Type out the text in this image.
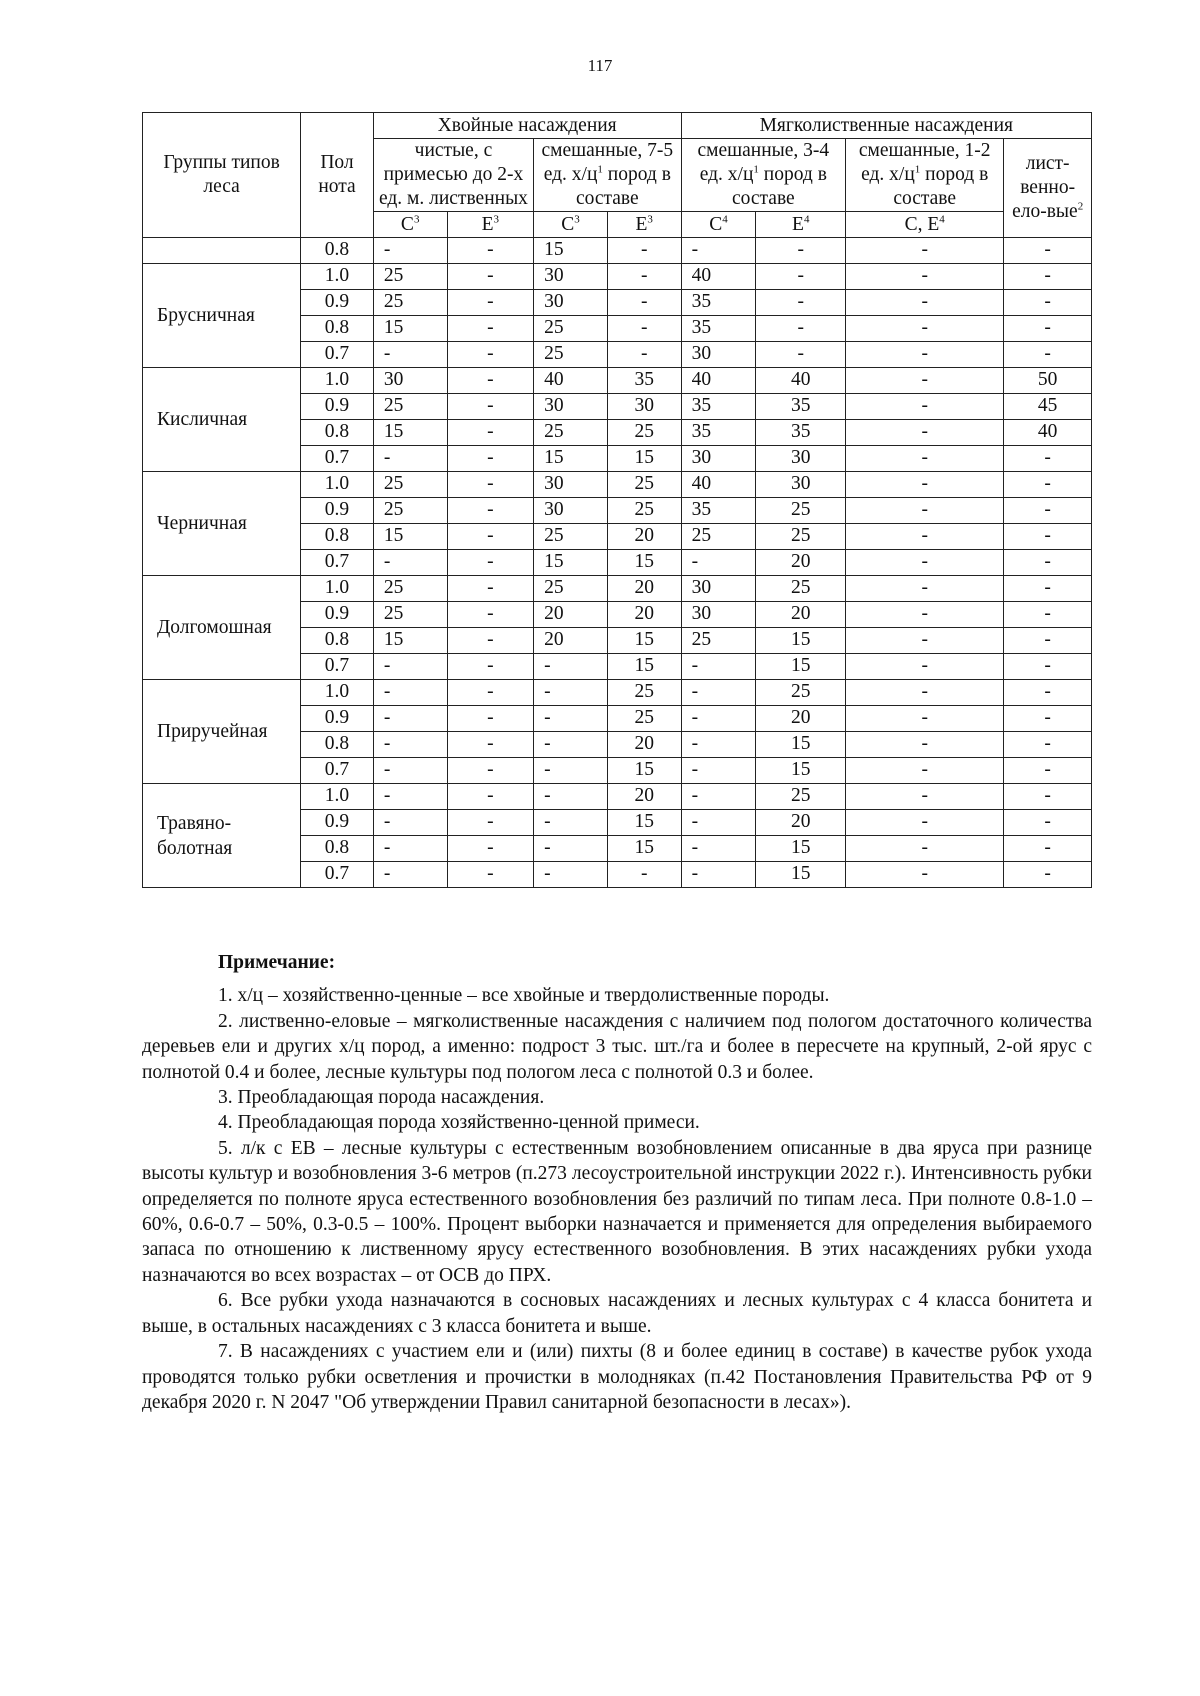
117
Группы типов леса	Пол нота	Хвойные насаждения				Мягколиственные насаждения			
		чистые, с примесью до 2-х ед. м. лиственных		смешанные, 7-5 ед. $х/ц^1$ пород в составе		смешанные, 3-4 ед. $х/ц^1$ пород в составе		смешанные, 1-2 ед. $х/ц^1$ пород в составе	лист-венно-ело-вые$^2$
		$С^3$	$Е^3$	$С^3$	$Е^3$	$С^4$	$Е^4$	С, $Е^4$
	0.8	-	-	15	-	-	-	-	-
Брусничная	1.0	25	-	30	-	40	-	-	-
	0.9	25	-	30	-	35	-	-	-
	0.8	15	-	25	-	35	-	-	-
	0.7	-	-	25	-	30	-	-	-
Кисличная	1.0	30	-	40	35	40	40	-	50
	0.9	25	-	30	30	35	35	-	45
	0.8	15	-	25	25	35	35	-	40
	0.7	-	-	15	15	30	30	-	-
Черничная	1.0	25	-	30	25	40	30	-	-
	0.9	25	-	30	25	35	25	-	-
	0.8	15	-	25	20	25	25	-	-
	0.7	-	-	15	15	-	20	-	-
Долгомошная	1.0	25	-	25	20	30	25	-	-
	0.9	25	-	20	20	30	20	-	-
	0.8	15	-	20	15	25	15	-	-
	0.7	-	-	-	15	-	15	-	-
Приручейная	1.0	-	-	-	25	-	25	-	-
	0.9	-	-	-	25	-	20	-	-
	0.8	-	-	-	20	-	15	-	-
	0.7	-	-	-	15	-	15	-	-
Травяно-болотная	1.0	-	-	-	20	-	25	-	-
	0.9	-	-	-	15	-	20	-	-
	0.8	-	-	-	15	-	15	-	-
	0.7	-	-	-	-	-	15	-	-
Примечание:

1. х/ц – хозяйственно-ценные – все хвойные и твердолиственные породы.

2. лиственно-еловые – мягколиственные насаждения с наличием под пологом достаточного количества деревьев ели и других х/ц пород, а именно: подрост 3 тыс. шт./га и более в пересчете на крупный, 2-ой ярус с полнотой 0.4 и более, лесные культуры под пологом леса с полнотой 0.3 и более.

3. Преобладающая порода насаждения.

4. Преобладающая порода хозяйственно-ценной примеси.

5. л/к с ЕВ – лесные культуры с естественным возобновлением описанные в два яруса при разнице высоты культур и возобновления 3-6 метров (п.273 лесоустроительной инструкции 2022 г.). Интенсивность рубки определяется по полноте яруса естественного возобновления без различий по типам леса. При полноте 0.8-1.0 – 60%, 0.6-0.7 – 50%, 0.3-0.5 – 100%. Процент выборки назначается и применяется для определения выбираемого запаса по отношению к лиственному ярусу естественного возобновления. В этих насаждениях рубки ухода назначаются во всех возрастах – от ОСВ до ПРХ.

6. Все рубки ухода назначаются в сосновых насаждениях и лесных культурах с 4 класса бонитета и выше, в остальных насаждениях с 3 класса бонитета и выше.

7. В насаждениях с участием ели и (или) пихты (8 и более единиц в составе) в качестве рубок ухода проводятся только рубки осветления и прочистки в молодняках (п.42 Постановления Правительства РФ от 9 декабря 2020 г. N 2047 "Об утверждении Правил санитарной безопасности в лесах»).
